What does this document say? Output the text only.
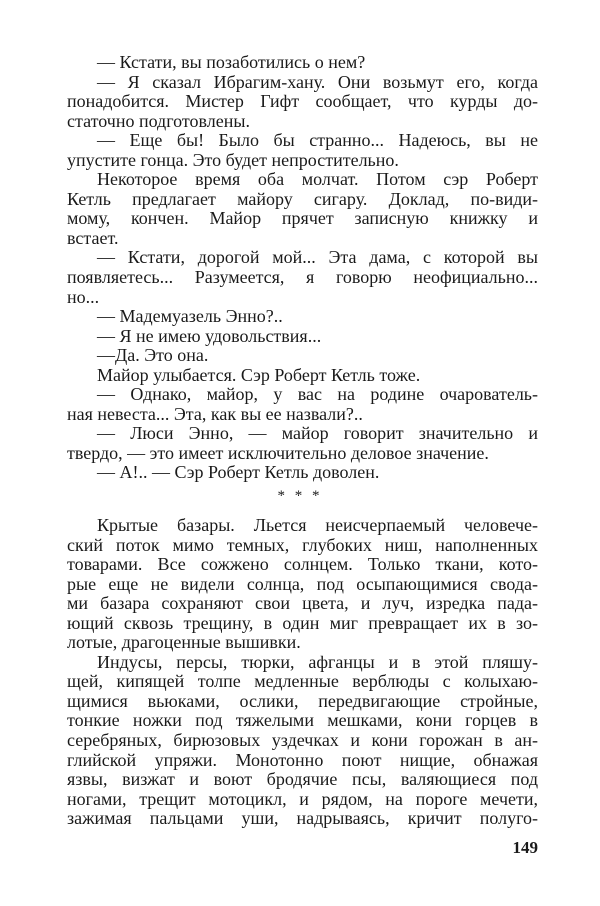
— Кстати, вы позаботились о нем?
— Я сказал Ибрагим-хану. Они возьмут его, когда
понадобится. Мистер Гифт сообщает, что курды до-
статочно подготовлены.
— Еще бы! Было бы странно... Надеюсь, вы не
упустите гонца. Это будет непростительно.
Некоторое время оба молчат. Потом сэр Роберт
Кетль предлагает майору сигару. Доклад, по-види-
мому, кончен. Майор прячет записную книжку и
встает.
— Кстати, дорогой мой... Эта дама, с которой вы
появляетесь... Разумеется, я говорю неофициально...
но...
— Мадемуазель Энно?..
— Я не имею удовольствия...
—Да. Это она.
Майор улыбается. Сэр Роберт Кетль тоже.
— Однако, майор, у вас на родине очарователь-
ная невеста... Эта, как вы ее назвали?..
— Люси Энно, — майор говорит значительно и
твердо, — это имеет исключительно деловое значение.
— А!.. — Сэр Роберт Кетль доволен.
* * *
Крытые базары. Льется неисчерпаемый человече-
ский поток мимо темных, глубоких ниш, наполненных
товарами. Все сожжено солнцем. Только ткани, кото-
рые еще не видели солнца, под осыпающимися свода-
ми базара сохраняют свои цвета, и луч, изредка пада-
ющий сквозь трещину, в один миг превращает их в зо-
лотые, драгоценные вышивки.
Индусы, персы, тюрки, афганцы и в этой пляшу-
щей, кипящей толпе медленные верблюды с колыхаю-
щимися вьюками, ослики, передвигающие стройные,
тонкие ножки под тяжелыми мешками, кони горцев в
серебряных, бирюзовых уздечках и кони горожан в ан-
глийской упряжи. Монотонно поют нищие, обнажая
язвы, визжат и воют бродячие псы, валяющиеся под
ногами, трещит мотоцикл, и рядом, на пороге мечети,
зажимая пальцами уши, надрываясь, кричит полуго-
149
